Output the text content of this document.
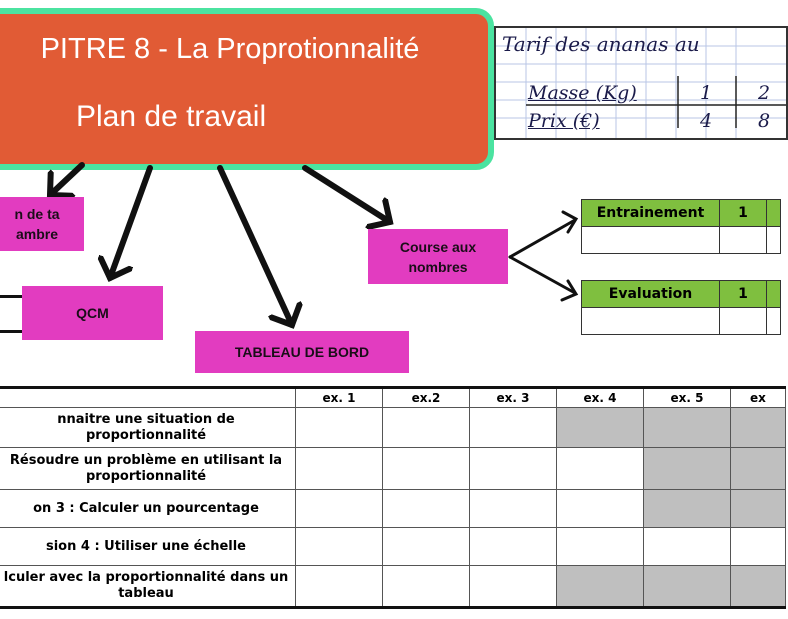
PITRE 8 - La Proprotionnalité
Plan de travail
Tarif des ananas au
Masse (Kg)	1 2
Prix (€)	4 8
n de ta
ambre
QCM
TABLEAU DE BORD
Course aux
nombres
Entrainement	1	

Evaluation	1	

	ex. 1	ex.2	ex. 3	ex. 4	ex. 5	ex
nnaitre une situation de proportionnalité						
Résoudre un problème en utilisant la proportionnalité						
on 3 : Calculer un pourcentage						
sion 4 : Utiliser une échelle						
lculer avec la proportionnalité dans un tableau						
